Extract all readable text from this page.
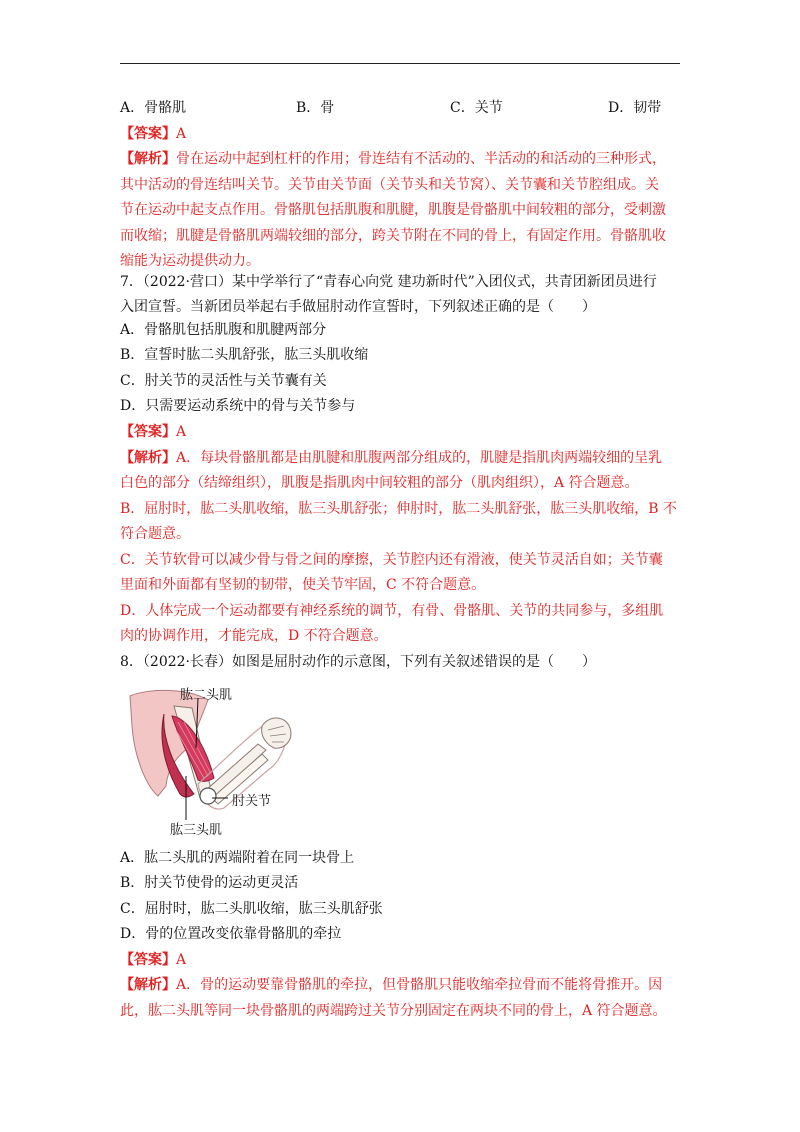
A．骨骼肌	B．骨	C．关节	D．韧带
【答案】A
【解析】骨在运动中起到杠杆的作用；骨连结有不活动的、半活动的和活动的三种形式，
其中活动的骨连结叫关节。关节由关节面（关节头和关节窝）、关节囊和关节腔组成。关
节在运动中起支点作用。骨骼肌包括肌腹和肌腱，肌腹是骨骼肌中间较粗的部分，受刺激
而收缩；肌腱是骨骼肌两端较细的部分，跨关节附在不同的骨上，有固定作用。骨骼肌收
缩能为运动提供动力。
7．（2022·营口）某中学举行了“青春心向党 建功新时代”入团仪式，共青团新团员进行
入团宣誓。当新团员举起右手做屈肘动作宣誓时，下列叙述正确的是（　　）
A．骨骼肌包括肌腹和肌腱两部分
B．宣誓时肱二头肌舒张，肱三头肌收缩
C．肘关节的灵活性与关节囊有关
D．只需要运动系统中的骨与关节参与
【答案】A
【解析】A．每块骨骼肌都是由肌腱和肌腹两部分组成的，肌腱是指肌肉两端较细的呈乳
白色的部分（结缔组织），肌腹是指肌肉中间较粗的部分（肌肉组织），A 符合题意。
B．屈肘时，肱二头肌收缩，肱三头肌舒张；伸肘时，肱二头肌舒张，肱三头肌收缩，B 不
符合题意。
C．关节软骨可以减少骨与骨之间的摩擦，关节腔内还有滑液，使关节灵活自如；关节囊
里面和外面都有坚韧的韧带，使关节牢固，C 不符合题意。
D．人体完成一个运动都要有神经系统的调节，有骨、骨骼肌、关节的共同参与，多组肌
肉的协调作用，才能完成，D 不符合题意。
8．（2022·长春）如图是屈肘动作的示意图，下列有关叙述错误的是（　　）
肱二头肌
肘关节
肱三头肌
A．肱二头肌的两端附着在同一块骨上
B．肘关节使骨的运动更灵活
C．屈肘时，肱二头肌收缩，肱三头肌舒张
D．骨的位置改变依靠骨骼肌的牵拉
【答案】A
【解析】A．骨的运动要靠骨骼肌的牵拉，但骨骼肌只能收缩牵拉骨而不能将骨推开。因
此，肱二头肌等同一块骨骼肌的两端跨过关节分别固定在两块不同的骨上，A 符合题意。
